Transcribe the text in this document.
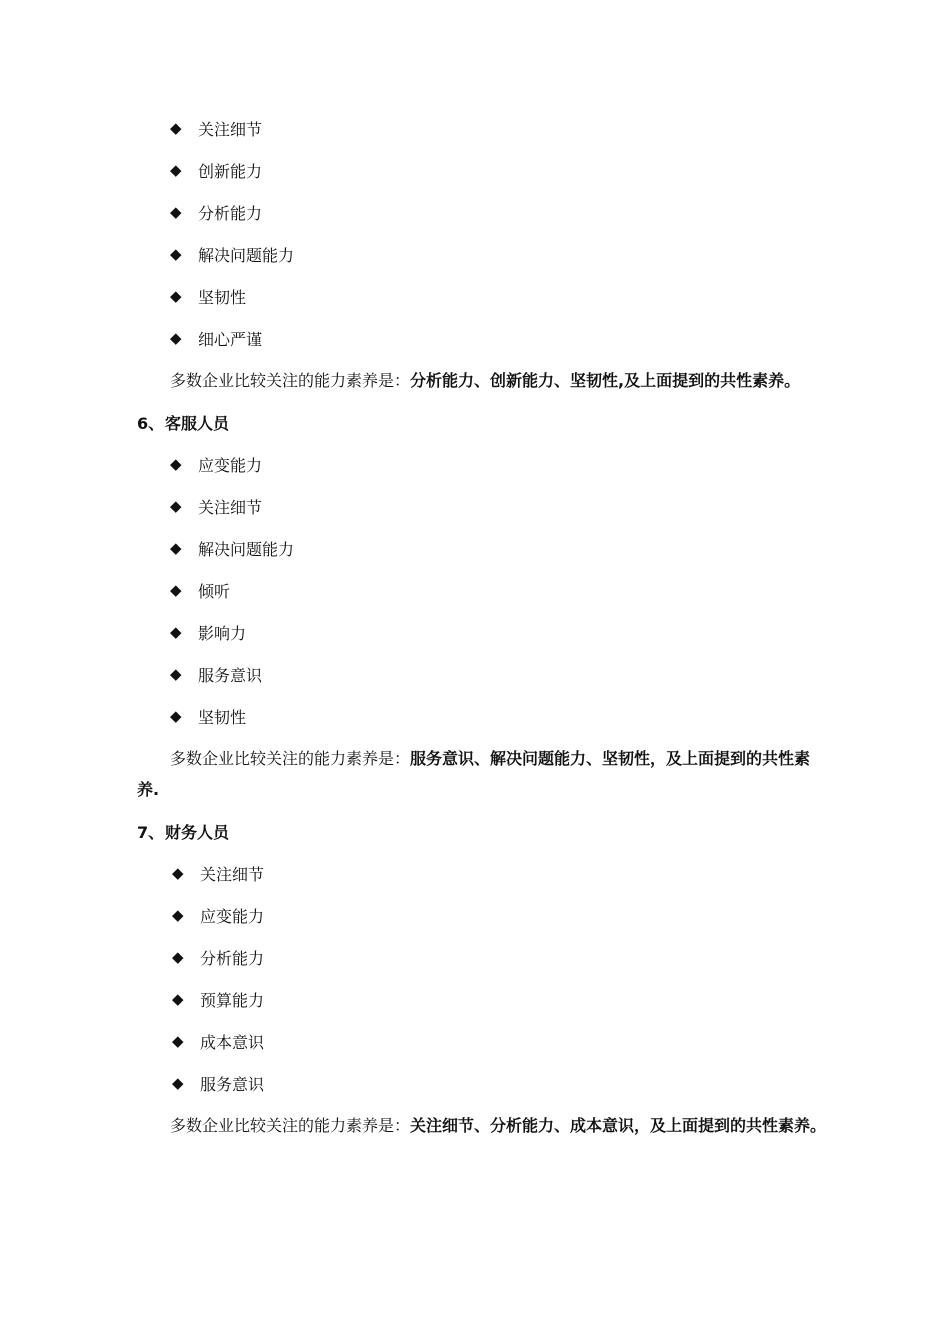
◆	关注细节
◆	创新能力
◆	分析能力
◆	解决问题能力
◆	坚韧性
◆	细心严谨
多数企业比较关注的能力素养是：分析能力、创新能力、坚韧性,及上面提到的共性素养。
6、客服人员
◆	应变能力
◆	关注细节
◆	解决问题能力
◆	倾听
◆	影响力
◆	服务意识
◆	坚韧性
多数企业比较关注的能力素养是：服务意识、解决问题能力、坚韧性，及上面提到的共性素养.
7、财务人员
◆	关注细节
◆	应变能力
◆	分析能力
◆	预算能力
◆	成本意识
◆	服务意识
多数企业比较关注的能力素养是：关注细节、分析能力、成本意识，及上面提到的共性素养。
